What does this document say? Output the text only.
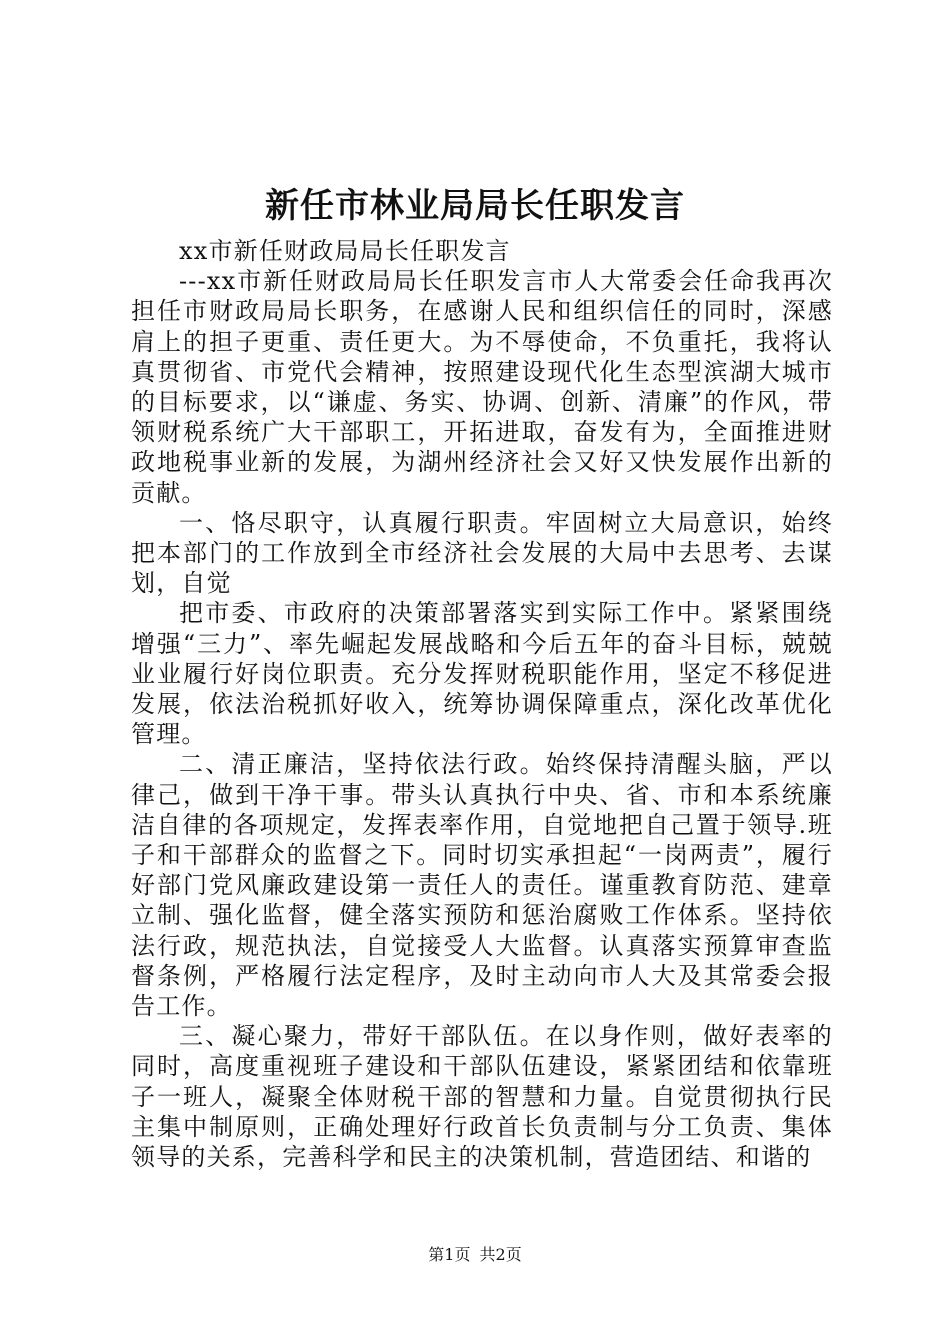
新任市林业局局长任职发言

xx市新任财政局局长任职发言

---xx市新任财政局局长任职发言市人大常委会任命我再次担任市财政局局长职务，在感谢人民和组织信任的同时，深感肩上的担子更重、责任更大。为不辱使命，不负重托，我将认真贯彻省、市党代会精神，按照建设现代化生态型滨湖大城市的目标要求，以“谦虚、务实、协调、创新、清廉”的作风，带领财税系统广大干部职工，开拓进取，奋发有为，全面推进财政地税事业新的发展，为湖州经济社会又好又快发展作出新的贡献。

一、恪尽职守，认真履行职责。牢固树立大局意识，始终把本部门的工作放到全市经济社会发展的大局中去思考、去谋划，自觉

把市委、市政府的决策部署落实到实际工作中。紧紧围绕增强“三力”、率先崛起发展战略和今后五年的奋斗目标，兢兢业业履行好岗位职责。充分发挥财税职能作用，坚定不移促进发展，依法治税抓好收入，统筹协调保障重点，深化改革优化管理。

二、清正廉洁，坚持依法行政。始终保持清醒头脑，严以律己，做到干净干事。带头认真执行中央、省、市和本系统廉洁自律的各项规定，发挥表率作用，自觉地把自己置于领导.班子和干部群众的监督之下。同时切实承担起“一岗两责”，履行好部门党风廉政建设第一责任人的责任。谨重教育防范、建章立制、强化监督，健全落实预防和惩治腐败工作体系。坚持依法行政，规范执法，自觉接受人大监督。认真落实预算审查监督条例，严格履行法定程序，及时主动向市人大及其常委会报告工作。

三、凝心聚力，带好干部队伍。在以身作则，做好表率的同时，高度重视班子建设和干部队伍建设，紧紧团结和依靠班子一班人，凝聚全体财税干部的智慧和力量。自觉贯彻执行民主集中制原则，正确处理好行政首长负责制与分工负责、集体领导的关系，完善科学和民主的决策机制，营造团结、和谐的

第1页 共2页
